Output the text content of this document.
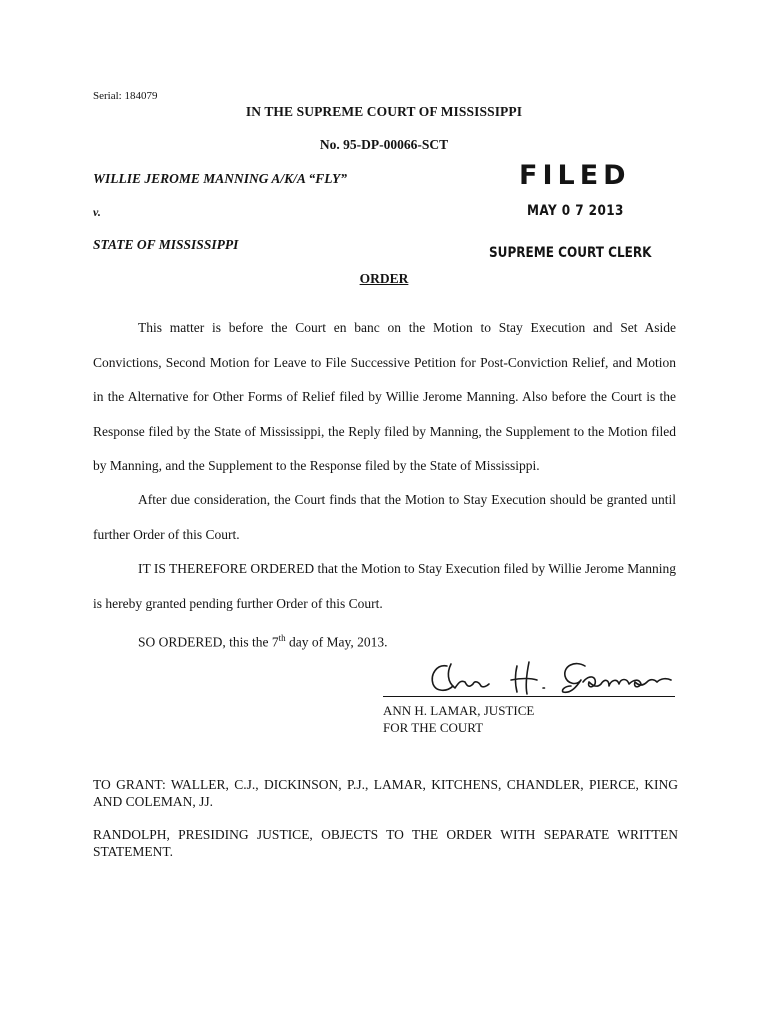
Serial: 184079
IN THE SUPREME COURT OF MISSISSIPPI
No. 95-DP-00066-SCT
WILLIE JEROME MANNING A/K/A “FLY”
v.
STATE OF MISSISSIPPI
FILED
MAY 0 7 2013
SUPREME COURT CLERK
ORDER
This matter is before the Court en banc on the Motion to Stay Execution and Set Aside Convictions, Second Motion for Leave to File Successive Petition for Post-Conviction Relief, and Motion in the Alternative for Other Forms of Relief filed by Willie Jerome Manning. Also before the Court is the Response filed by the State of Mississippi, the Reply filed by Manning, the Supplement to the Motion filed by Manning, and the Supplement to the Response filed by the State of Mississippi.
After due consideration, the Court finds that the Motion to Stay Execution should be granted until further Order of this Court.
IT IS THEREFORE ORDERED that the Motion to Stay Execution filed by Willie Jerome Manning is hereby granted pending further Order of this Court.
SO ORDERED, this the 7th day of May, 2013.
ANN H. LAMAR, JUSTICE
FOR THE COURT
TO GRANT: WALLER, C.J., DICKINSON, P.J., LAMAR, KITCHENS, CHANDLER, PIERCE, KING AND COLEMAN, JJ.
RANDOLPH, PRESIDING JUSTICE, OBJECTS TO THE ORDER WITH SEPARATE WRITTEN STATEMENT.
